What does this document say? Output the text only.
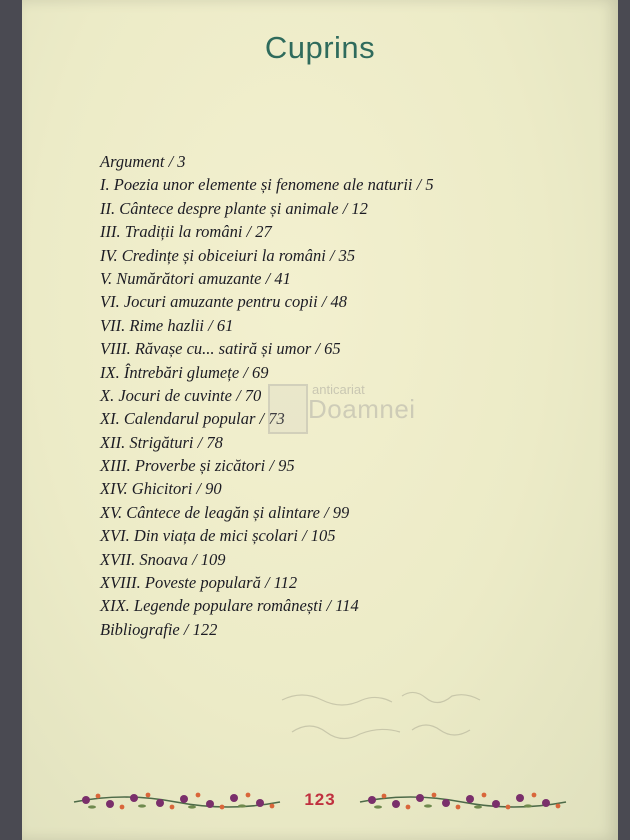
Cuprins
Argument / 3
I. Poezia unor elemente și fenomene ale naturii / 5
II. Cântece despre plante și animale / 12
III. Tradiții la români / 27
IV. Credințe și obiceiuri la români / 35
V. Numărători amuzante / 41
VI. Jocuri amuzante pentru copii / 48
VII. Rime hazlii / 61
VIII. Răvașe cu... satiră și umor / 65
IX. Întrebări glumețe / 69
X. Jocuri de cuvinte / 70
XI. Calendarul popular / 73
XII. Strigături / 78
XIII. Proverbe și zicători / 95
XIV. Ghicitori / 90
XV. Cântece de leagăn și alintare / 99
XVI. Din viața de mici școlari / 105
XVII. Snoava / 109
XVIII. Poveste populară / 112
XIX. Legende populare românești / 114
Bibliografie / 122
anticariat
Doamnei
123
